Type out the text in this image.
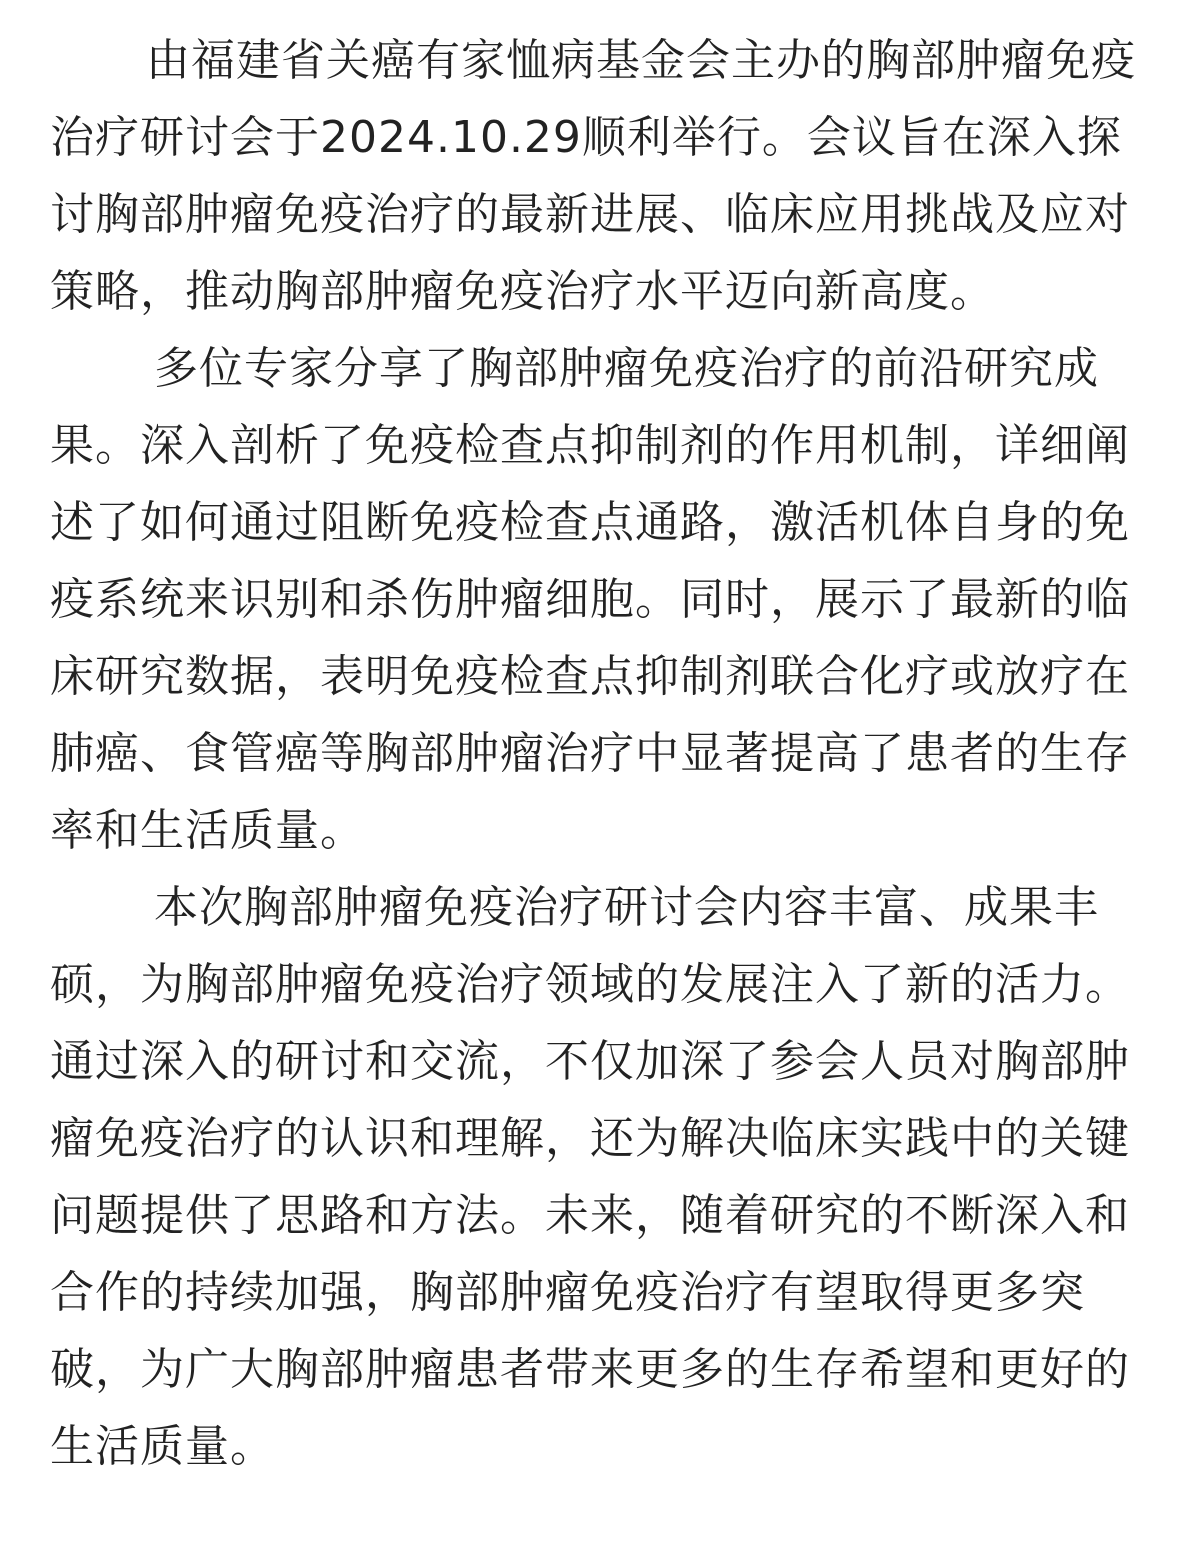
由福建省关癌有家恤病基金会主办的胸部肿瘤免疫
治疗研讨会于2024.10.29顺利举行。会议旨在深入探
讨胸部肿瘤免疫治疗的最新进展、临床应用挑战及应对
策略，推动胸部肿瘤免疫治疗水平迈向新高度。
多位专家分享了胸部肿瘤免疫治疗的前沿研究成
果。深入剖析了免疫检查点抑制剂的作用机制，详细阐
述了如何通过阻断免疫检查点通路，激活机体自身的免
疫系统来识别和杀伤肿瘤细胞。同时，展示了最新的临
床研究数据，表明免疫检查点抑制剂联合化疗或放疗在
肺癌、食管癌等胸部肿瘤治疗中显著提高了患者的生存
率和生活质量。
本次胸部肿瘤免疫治疗研讨会内容丰富、成果丰
硕，为胸部肿瘤免疫治疗领域的发展注入了新的活力。
通过深入的研讨和交流，不仅加深了参会人员对胸部肿
瘤免疫治疗的认识和理解，还为解决临床实践中的关键
问题提供了思路和方法。未来，随着研究的不断深入和
合作的持续加强，胸部肿瘤免疫治疗有望取得更多突
破，为广大胸部肿瘤患者带来更多的生存希望和更好的
生活质量。
